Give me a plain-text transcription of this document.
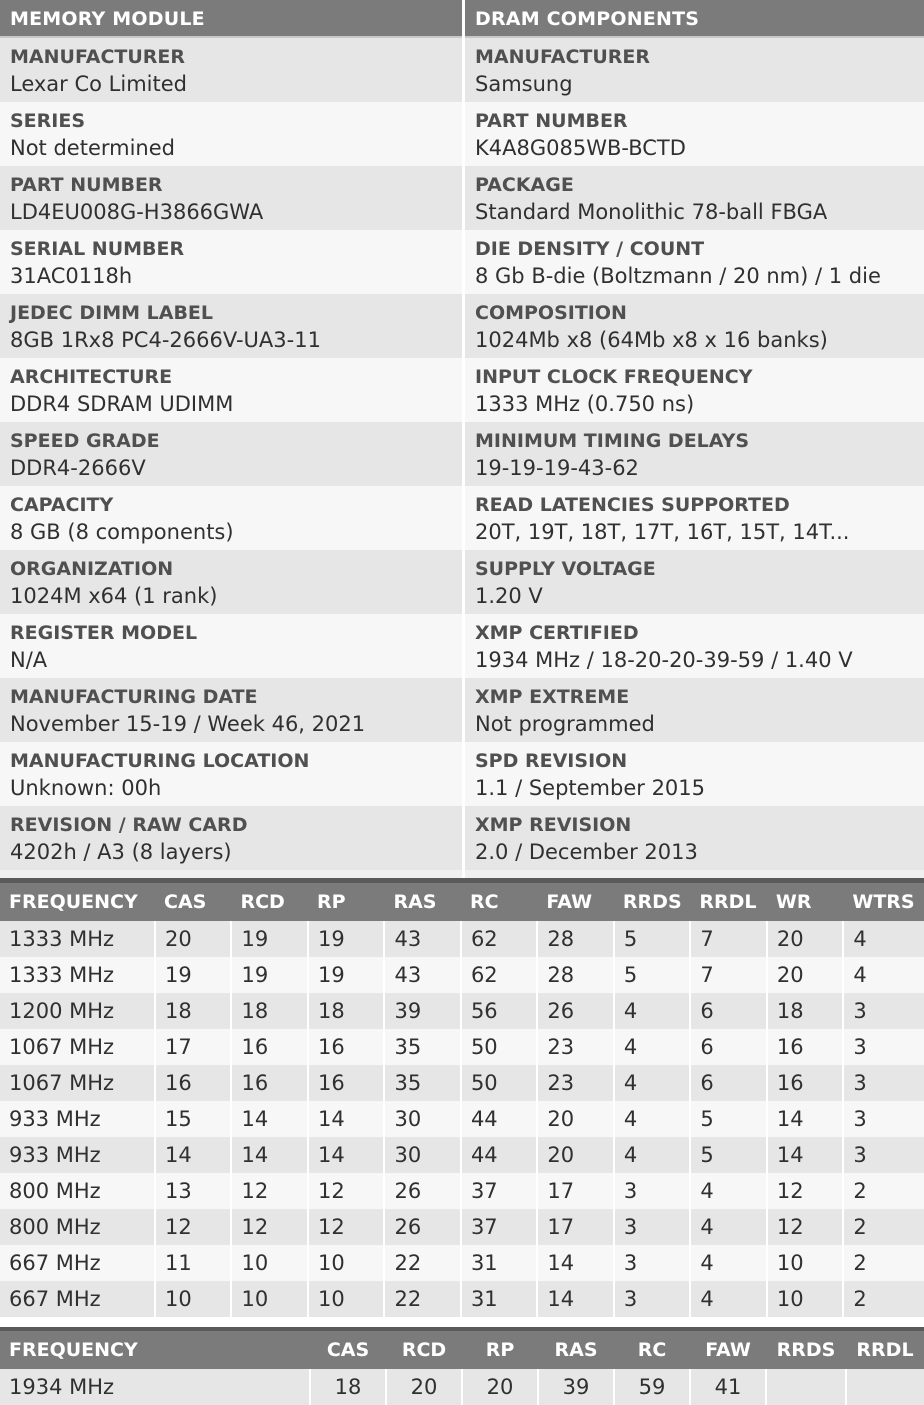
MEMORY MODULE
MANUFACTURER
Lexar Co Limited
SERIES
Not determined
PART NUMBER
LD4EU008G-H3866GWA
SERIAL NUMBER
31AC0118h
JEDEC DIMM LABEL
8GB 1Rx8 PC4-2666V-UA3-11
ARCHITECTURE
DDR4 SDRAM UDIMM
SPEED GRADE
DDR4-2666V
CAPACITY
8 GB (8 components)
ORGANIZATION
1024M x64 (1 rank)
REGISTER MODEL
N/A
MANUFACTURING DATE
November 15-19 / Week 46, 2021
MANUFACTURING LOCATION
Unknown: 00h
REVISION / RAW CARD
4202h / A3 (8 layers)
DRAM COMPONENTS
MANUFACTURER
Samsung
PART NUMBER
K4A8G085WB-BCTD
PACKAGE
Standard Monolithic 78-ball FBGA
DIE DENSITY / COUNT
8 Gb B-die (Boltzmann / 20 nm) / 1 die
COMPOSITION
1024Mb x8 (64Mb x8 x 16 banks)
INPUT CLOCK FREQUENCY
1333 MHz (0.750 ns)
MINIMUM TIMING DELAYS
19-19-19-43-62
READ LATENCIES SUPPORTED
20T, 19T, 18T, 17T, 16T, 15T, 14T...
SUPPLY VOLTAGE
1.20 V
XMP CERTIFIED
1934 MHz / 18-20-20-39-59 / 1.40 V
XMP EXTREME
Not programmed
SPD REVISION
1.1 / September 2015
XMP REVISION
2.0 / December 2013
FREQUENCY	CAS	RCD	RP	RAS	RC	FAW	RRDS	RRDL	WR	WTRS
1333 MHz	20	19	19	43	62	28	5	7	20	4
1333 MHz	19	19	19	43	62	28	5	7	20	4
1200 MHz	18	18	18	39	56	26	4	6	18	3
1067 MHz	17	16	16	35	50	23	4	6	16	3
1067 MHz	16	16	16	35	50	23	4	6	16	3
933 MHz	15	14	14	30	44	20	4	5	14	3
933 MHz	14	14	14	30	44	20	4	5	14	3
800 MHz	13	12	12	26	37	17	3	4	12	2
800 MHz	12	12	12	26	37	17	3	4	12	2
667 MHz	11	10	10	22	31	14	3	4	10	2
667 MHz	10	10	10	22	31	14	3	4	10	2
FREQUENCY	CAS	RCD	RP	RAS	RC	FAW	RRDS	RRDL
1934 MHz	18	20	20	39	59	41		
